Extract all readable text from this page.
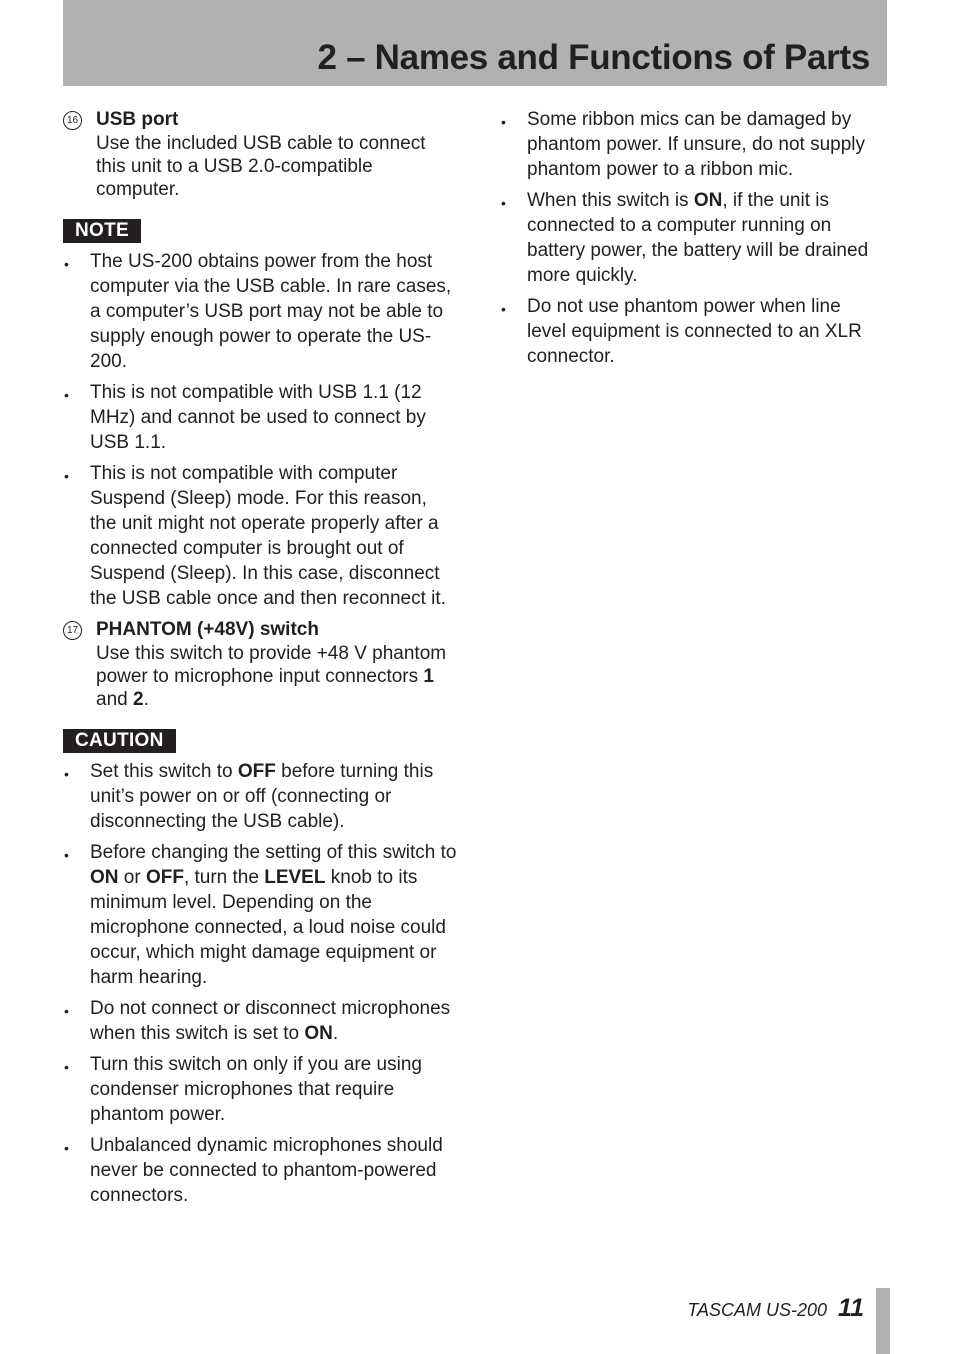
2 – Names and Functions of Parts
16 USB port
Use the included USB cable to connect this unit to a USB 2.0-compatible computer.
NOTE
• The US-200 obtains power from the host computer via the USB cable. In rare cases, a computer’s USB port may not be able to supply enough power to operate the US-200.
• This is not compatible with USB 1.1 (12 MHz) and cannot be used to connect by USB 1.1.
• This is not compatible with computer Suspend (Sleep) mode. For this reason, the unit might not operate properly after a connected computer is brought out of Suspend (Sleep). In this case, disconnect the USB cable once and then reconnect it.
17 PHANTOM (+48V) switch
Use this switch to provide +48 V phantom power to microphone input connectors 1 and 2.
CAUTION
• Set this switch to OFF before turning this unit’s power on or off (connecting or disconnecting the USB cable).
• Before changing the setting of this switch to ON or OFF, turn the LEVEL knob to its minimum level. Depending on the microphone connected, a loud noise could occur, which might damage equipment or harm hearing.
• Do not connect or disconnect microphones when this switch is set to ON.
• Turn this switch on only if you are using condenser microphones that require phantom power.
• Unbalanced dynamic microphones should never be connected to phantom-powered connectors.
• Some ribbon mics can be damaged by phantom power. If unsure, do not supply phantom power to a ribbon mic.
• When this switch is ON, if the unit is connected to a computer running on battery power, the battery will be drained more quickly.
• Do not use phantom power when line level equipment is connected to an XLR connector.
TASCAM US-200 11
